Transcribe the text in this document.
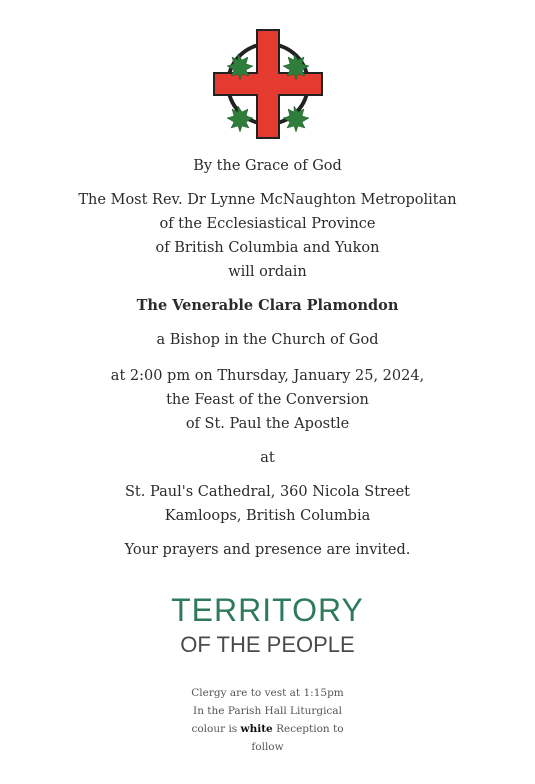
By the Grace of God
The Most Rev. Dr Lynne McNaughton Metropolitan
of the Ecclesiastical Province
of British Columbia and Yukon
will ordain
The Venerable Clara Plamondon
a Bishop in the Church of God
at 2:00 pm on Thursday, January 25, 2024,
the Feast of the Conversion
of St. Paul the Apostle
at
St. Paul's Cathedral, 360 Nicola Street
Kamloops, British Columbia
Your prayers and presence are invited.
TERRITORY
OF THE PEOPLE
Clergy are to vest at 1:15pm
In the Parish Hall Liturgical
colour is white Reception to
follow
